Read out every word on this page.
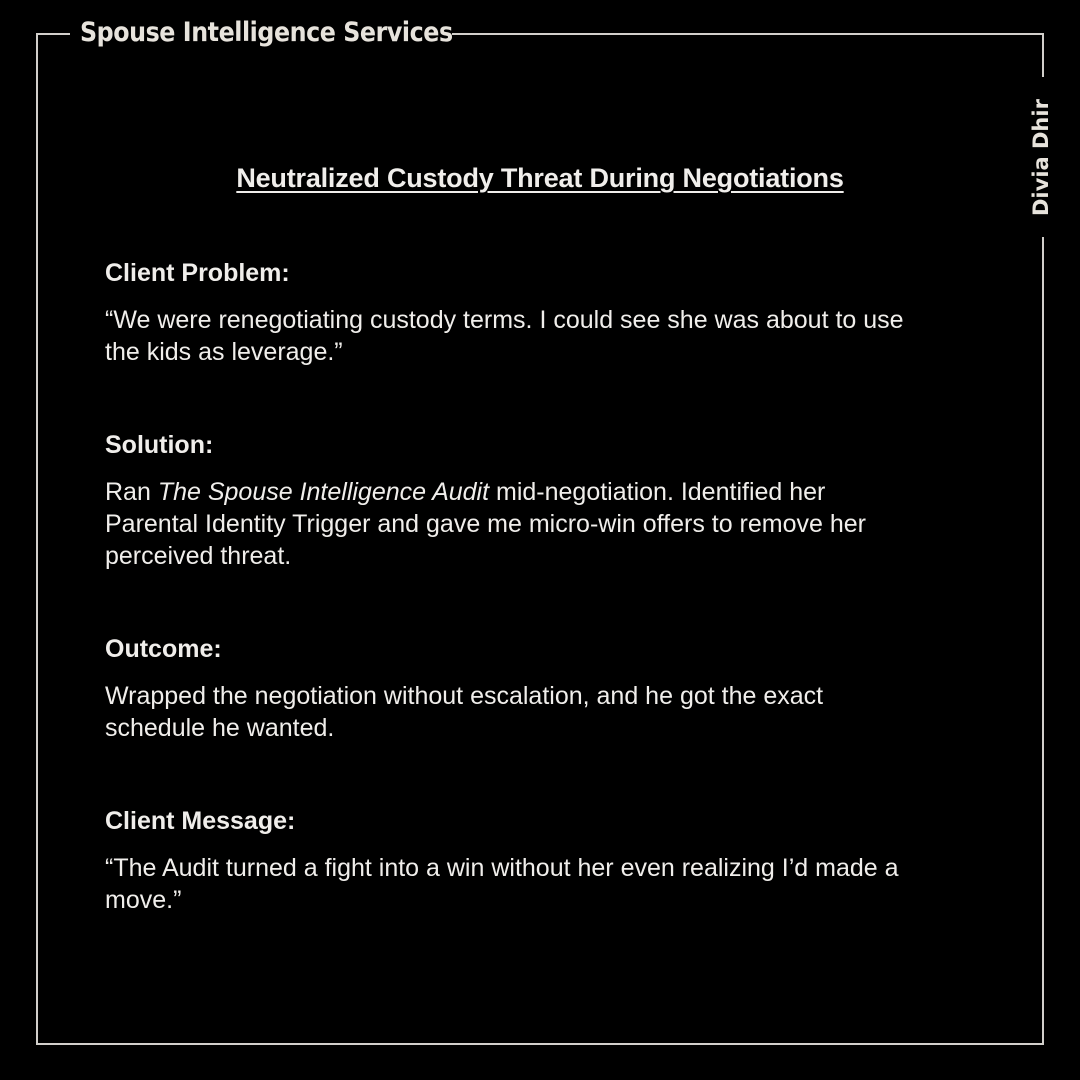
Spouse Intelligence Services
Divia Dhir
Neutralized Custody Threat During Negotiations
Client Problem:
“We were renegotiating custody terms. I could see she was about to use
the kids as leverage.”
Solution:
Ran The Spouse Intelligence Audit mid-negotiation. Identified her
Parental Identity Trigger and gave me micro-win offers to remove her
perceived threat.
Outcome:
Wrapped the negotiation without escalation, and he got the exact
schedule he wanted.
Client Message:
“The Audit turned a fight into a win without her even realizing I’d made a
move.”
